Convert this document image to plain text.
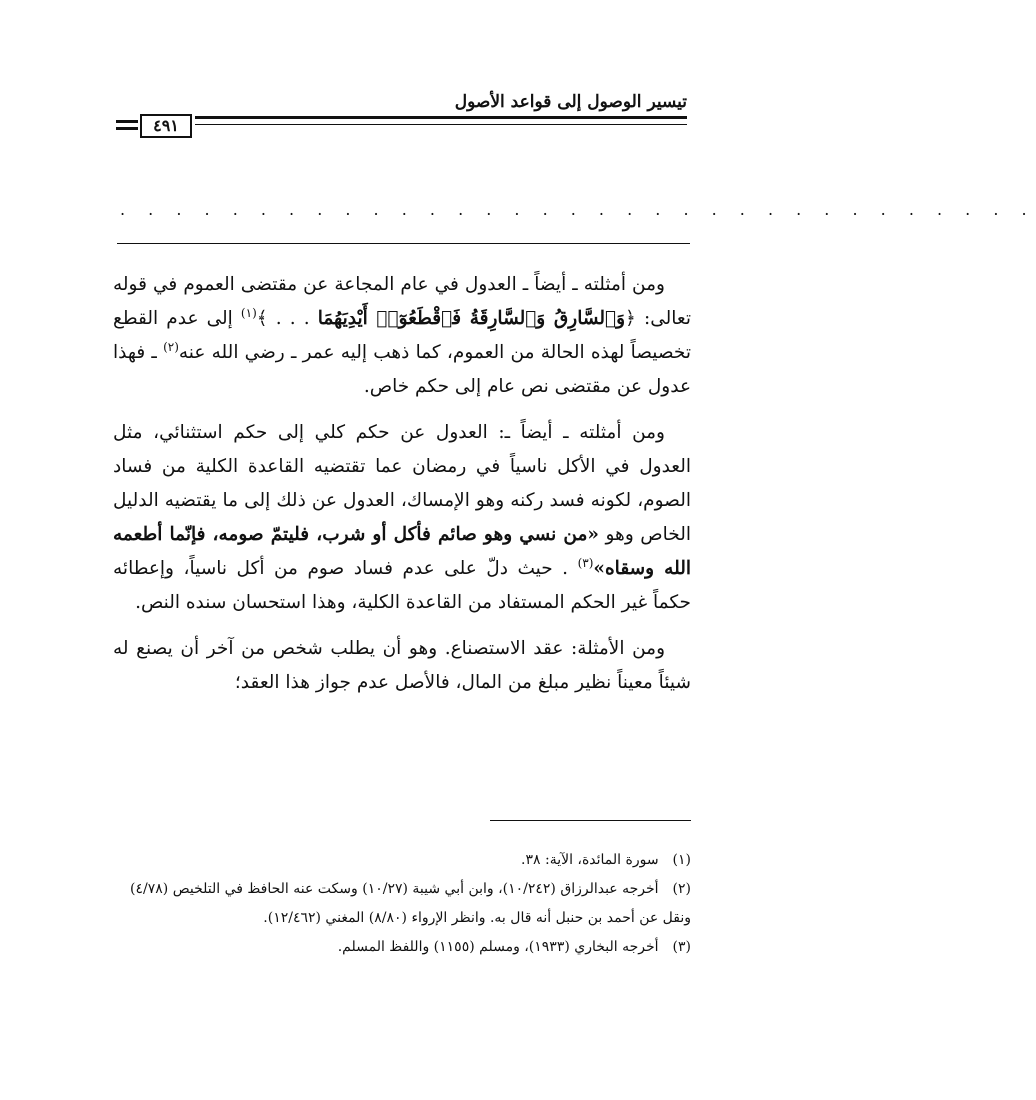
تيسير الوصول إلى قواعد الأصول
٤٩١
. . . . . . . . . . . . . . . . . . . . . . . . . . . . . . . . .

ومن أمثلته ـ أيضاً ـ العدول في عام المجاعة عن مقتضى العموم في قوله تعالى: ﴿وَٱلسَّارِقُ وَٱلسَّارِقَةُ فَٱقْطَعُوٓا۟ أَيْدِيَهُمَا . . . ﴾$^{(١)}$ إلى عدم القطع تخصيصاً لهذه الحالة من العموم، كما ذهب إليه عمر ـ رضي الله عنه$^{(٢)}$ ـ فهذا عدول عن مقتضى نص عام إلى حكم خاص.

ومن أمثلته ـ أيضاً ـ: العدول عن حكم كلي إلى حكم استثنائي، مثل العدول في الأكل ناسياً في رمضان عما تقتضيه القاعدة الكلية من فساد الصوم، لكونه فسد ركنه وهو الإمساك، العدول عن ذلك إلى ما يقتضيه الدليل الخاص وهو «من نسي وهو صائم فأكل أو شرب، فليتمّ صومه، فإنّما أطعمه الله وسقاه»$^{(٣)}$ . حيث دلّ على عدم فساد صوم من أكل ناسياً، وإعطائه حكماً غير الحكم المستفاد من القاعدة الكلية، وهذا استحسان سنده النص.

ومن الأمثلة: عقد الاستصناع. وهو أن يطلب شخص من آخر أن يصنع له شيئاً معيناً نظير مبلغ من المال، فالأصل عدم جواز هذا العقد؛

(١) سورة المائدة، الآية: ٣٨.

(٢) أخرجه عبدالرزاق (١٠/٢٤٢)، وابن أبي شيبة (١٠/٢٧) وسكت عنه الحافظ في التلخيص (٤/٧٨) ونقل عن أحمد بن حنبل أنه قال به. وانظر الإرواء (٨/٨٠) المغني (١٢/٤٦٢).

(٣) أخرجه البخاري (١٩٣٣)، ومسلم (١١٥٥) واللفظ المسلم.
